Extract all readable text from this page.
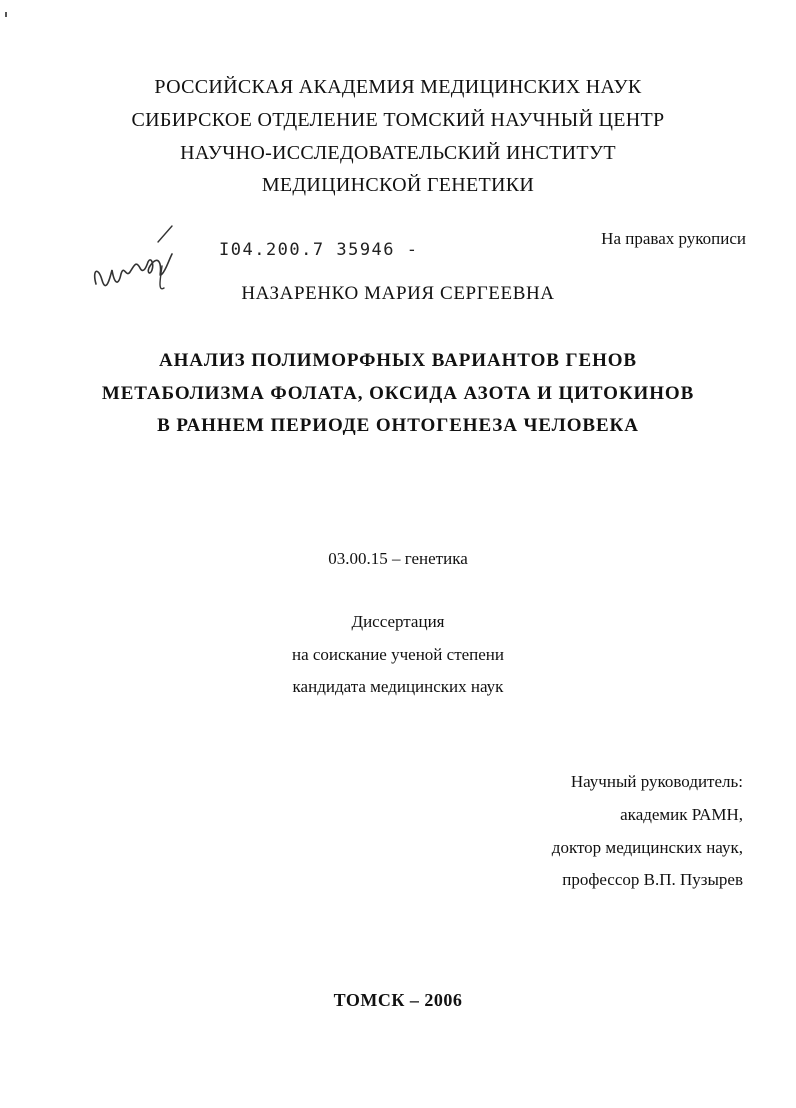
РОССИЙСКАЯ АКАДЕМИЯ МЕДИЦИНСКИХ НАУК
СИБИРСКОЕ ОТДЕЛЕНИЕ ТОМСКИЙ НАУЧНЫЙ ЦЕНТР
НАУЧНО-ИССЛЕДОВАТЕЛЬСКИЙ ИНСТИТУТ
МЕДИЦИНСКОЙ ГЕНЕТИКИ
I04.200.7 35946 -
На правах рукописи
НАЗАРЕНКО МАРИЯ СЕРГЕЕВНА
АНАЛИЗ ПОЛИМОРФНЫХ ВАРИАНТОВ ГЕНОВ
МЕТАБОЛИЗМА ФОЛАТА, ОКСИДА АЗОТА И ЦИТОКИНОВ
В РАННЕМ ПЕРИОДЕ ОНТОГЕНЕЗА ЧЕЛОВЕКА
03.00.15 – генетика
Диссертация
на соискание ученой степени
кандидата медицинских наук
Научный руководитель:
академик РАМН,
доктор медицинских наук,
профессор В.П. Пузырев
ТОМСК – 2006
